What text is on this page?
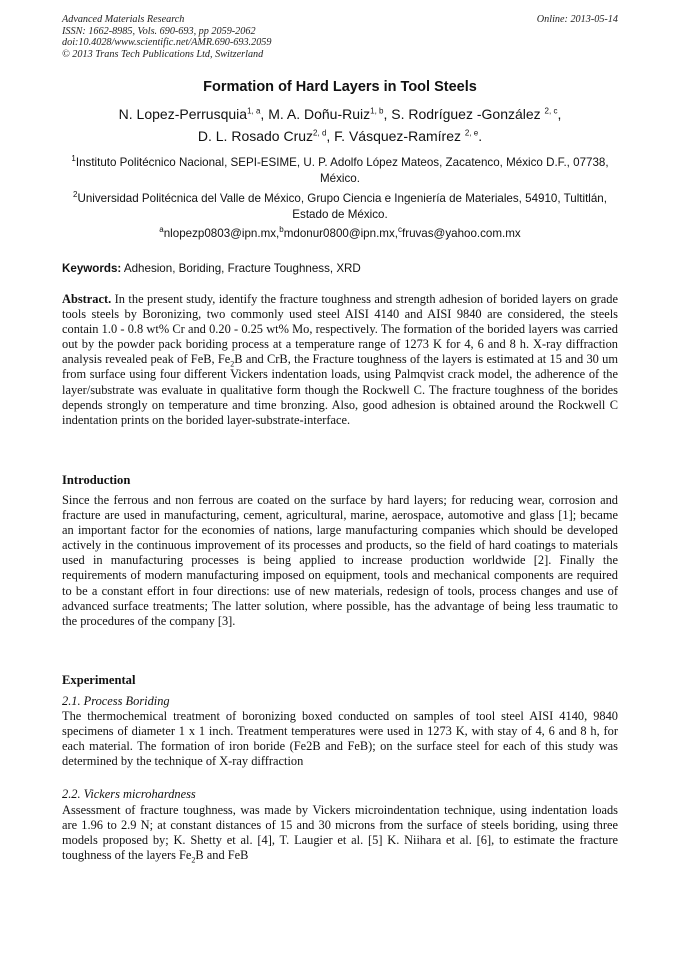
Advanced Materials Research
ISSN: 1662-8985, Vols. 690-693, pp 2059-2062
doi:10.4028/www.scientific.net/AMR.690-693.2059
© 2013 Trans Tech Publications Ltd, Switzerland
Online: 2013-05-14
Formation of Hard Layers in Tool Steels
N. Lopez-Perrusquia$^{1, a}$, M. A. Doñu-Ruiz$^{1, b}$, S. Rodríguez -González $^{2, c}$,
D. L. Rosado Cruz$^{2, d}$, F. Vásquez-Ramírez $^{2, e}$.
$^1$Instituto Politécnico Nacional, SEPI-ESIME, U. P. Adolfo López Mateos, Zacatenco, México D.F., 07738, México.
$^2$Universidad Politécnica del Valle de México, Grupo Ciencia e Ingeniería de Materiales, 54910, Tultitlán, Estado de México.
$^a$nlopezp0803@ipn.mx,$^b$mdonur0800@ipn.mx,$^c$fruvas@yahoo.com.mx
Keywords: Adhesion, Boriding, Fracture Toughness, XRD
Abstract. In the present study, identify the fracture toughness and strength adhesion of borided layers on grade tools steels by Boronizing, two commonly used steel AISI 4140 and AISI 9840 are considered, the steels contain 1.0 - 0.8 wt% Cr and 0.20 - 0.25 wt% Mo, respectively. The formation of the borided layers was carried out by the powder pack boriding process at a temperature range of 1273 K for 4, 6 and 8 h. X-ray diffraction analysis revealed peak of FeB, $Fe_2B$ and CrB, the Fracture toughness of the layers is estimated at 15 and 30 um from surface using four different Vickers indentation loads, using Palmqvist crack model, the adherence of the layer/substrate was evaluate in qualitative form though the Rockwell C. The fracture toughness of the borides depends strongly on temperature and time bronzing. Also, good adhesion is obtained around the Rockwell C indentation prints on the borided layer-substrate-interface.
Introduction
Since the ferrous and non ferrous are coated on the surface by hard layers; for reducing wear, corrosion and fracture are used in manufacturing, cement, agricultural, marine, aerospace, automotive and glass [1]; became an important factor for the economies of nations, large manufacturing companies which should be developed actively in the continuous improvement of its processes and products, so the field of hard coatings to materials used in manufacturing processes is being applied to increase production worldwide [2]. Finally the requirements of modern manufacturing imposed on equipment, tools and mechanical components are required to be a constant effort in four directions: use of new materials, redesign of tools, process changes and use of advanced surface treatments; The latter solution, where possible, has the advantage of being less traumatic to the procedures of the company [3].
Experimental
2.1. Process Boriding
The thermochemical treatment of boronizing boxed conducted on samples of tool steel AISI 4140, 9840 specimens of diameter 1 x 1 inch. Treatment temperatures were used in 1273 K, with stay of 4, 6 and 8 h, for each material. The formation of iron boride (Fe2B and FeB); on the surface steel for each of this study was determined by the technique of X-ray diffraction
2.2. Vickers microhardness
Assessment of fracture toughness, was made by Vickers microindentation technique, using indentation loads are 1.96 to 2.9 N; at constant distances of 15 and 30 microns from the surface of steels boriding, using three models proposed by; K. Shetty et al. [4], T. Laugier et al. [5] K. Niihara et al. [6], to estimate the fracture toughness of the layers $Fe_2B$ and FeB
